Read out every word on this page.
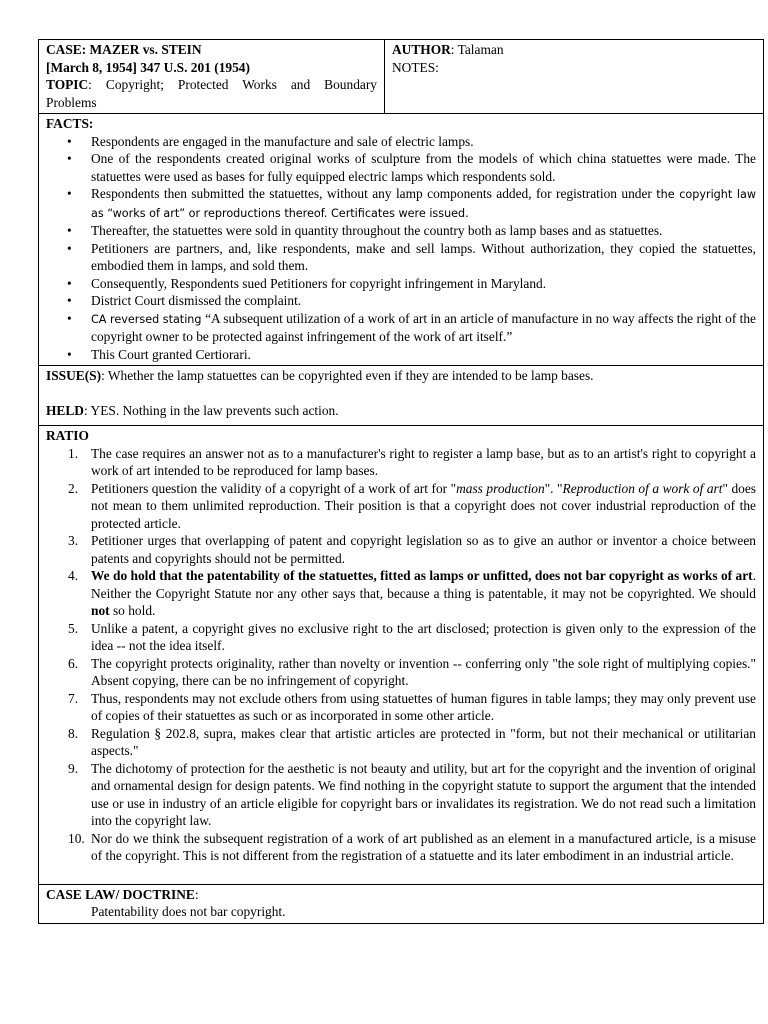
CASE: MAZER vs. STEIN
[March 8, 1954] 347 U.S. 201 (1954)
TOPIC: Copyright; Protected Works and Boundary Problems

AUTHOR: Talaman
NOTES:

FACTS:
• Respondents are engaged in the manufacture and sale of electric lamps.
• One of the respondents created original works of sculpture from the models of which china statuettes were made. The statuettes were used as bases for fully equipped electric lamps which respondents sold.
• Respondents then submitted the statuettes, without any lamp components added, for registration under the copyright law as “works of art” or reproductions thereof. Certificates were issued.
• Thereafter, the statuettes were sold in quantity throughout the country both as lamp bases and as statuettes.
• Petitioners are partners, and, like respondents, make and sell lamps. Without authorization, they copied the statuettes, embodied them in lamps, and sold them.
• Consequently, Respondents sued Petitioners for copyright infringement in Maryland.
• District Court dismissed the complaint.
• CA reversed stating “A subsequent utilization of a work of art in an article of manufacture in no way affects the right of the copyright owner to be protected against infringement of the work of art itself.”
• This Court granted Certiorari.

ISSUE(S): Whether the lamp statuettes can be copyrighted even if they are intended to be lamp bases.
HELD: YES. Nothing in the law prevents such action.

RATIO
1. The case requires an answer not as to a manufacturer's right to register a lamp base, but as to an artist's right to copyright a work of art intended to be reproduced for lamp bases.
2. Petitioners question the validity of a copyright of a work of art for "mass production". "Reproduction of a work of art" does not mean to them unlimited reproduction. Their position is that a copyright does not cover industrial reproduction of the protected article.
3. Petitioner urges that overlapping of patent and copyright legislation so as to give an author or inventor a choice between patents and copyrights should not be permitted.
4. We do hold that the patentability of the statuettes, fitted as lamps or unfitted, does not bar copyright as works of art. Neither the Copyright Statute nor any other says that, because a thing is patentable, it may not be copyrighted. We should not so hold.
5. Unlike a patent, a copyright gives no exclusive right to the art disclosed; protection is given only to the expression of the idea -- not the idea itself.
6. The copyright protects originality, rather than novelty or invention -- conferring only "the sole right of multiplying copies." Absent copying, there can be no infringement of copyright.
7. Thus, respondents may not exclude others from using statuettes of human figures in table lamps; they may only prevent use of copies of their statuettes as such or as incorporated in some other article.
8. Regulation § 202.8, supra, makes clear that artistic articles are protected in "form, but not their mechanical or utilitarian aspects."
9. The dichotomy of protection for the aesthetic is not beauty and utility, but art for the copyright and the invention of original and ornamental design for design patents. We find nothing in the copyright statute to support the argument that the intended use or use in industry of an article eligible for copyright bars or invalidates its registration. We do not read such a limitation into the copyright law.
10. Nor do we think the subsequent registration of a work of art published as an element in a manufactured article, is a misuse of the copyright. This is not different from the registration of a statuette and its later embodiment in an industrial article.

CASE LAW/ DOCTRINE:
Patentability does not bar copyright.
